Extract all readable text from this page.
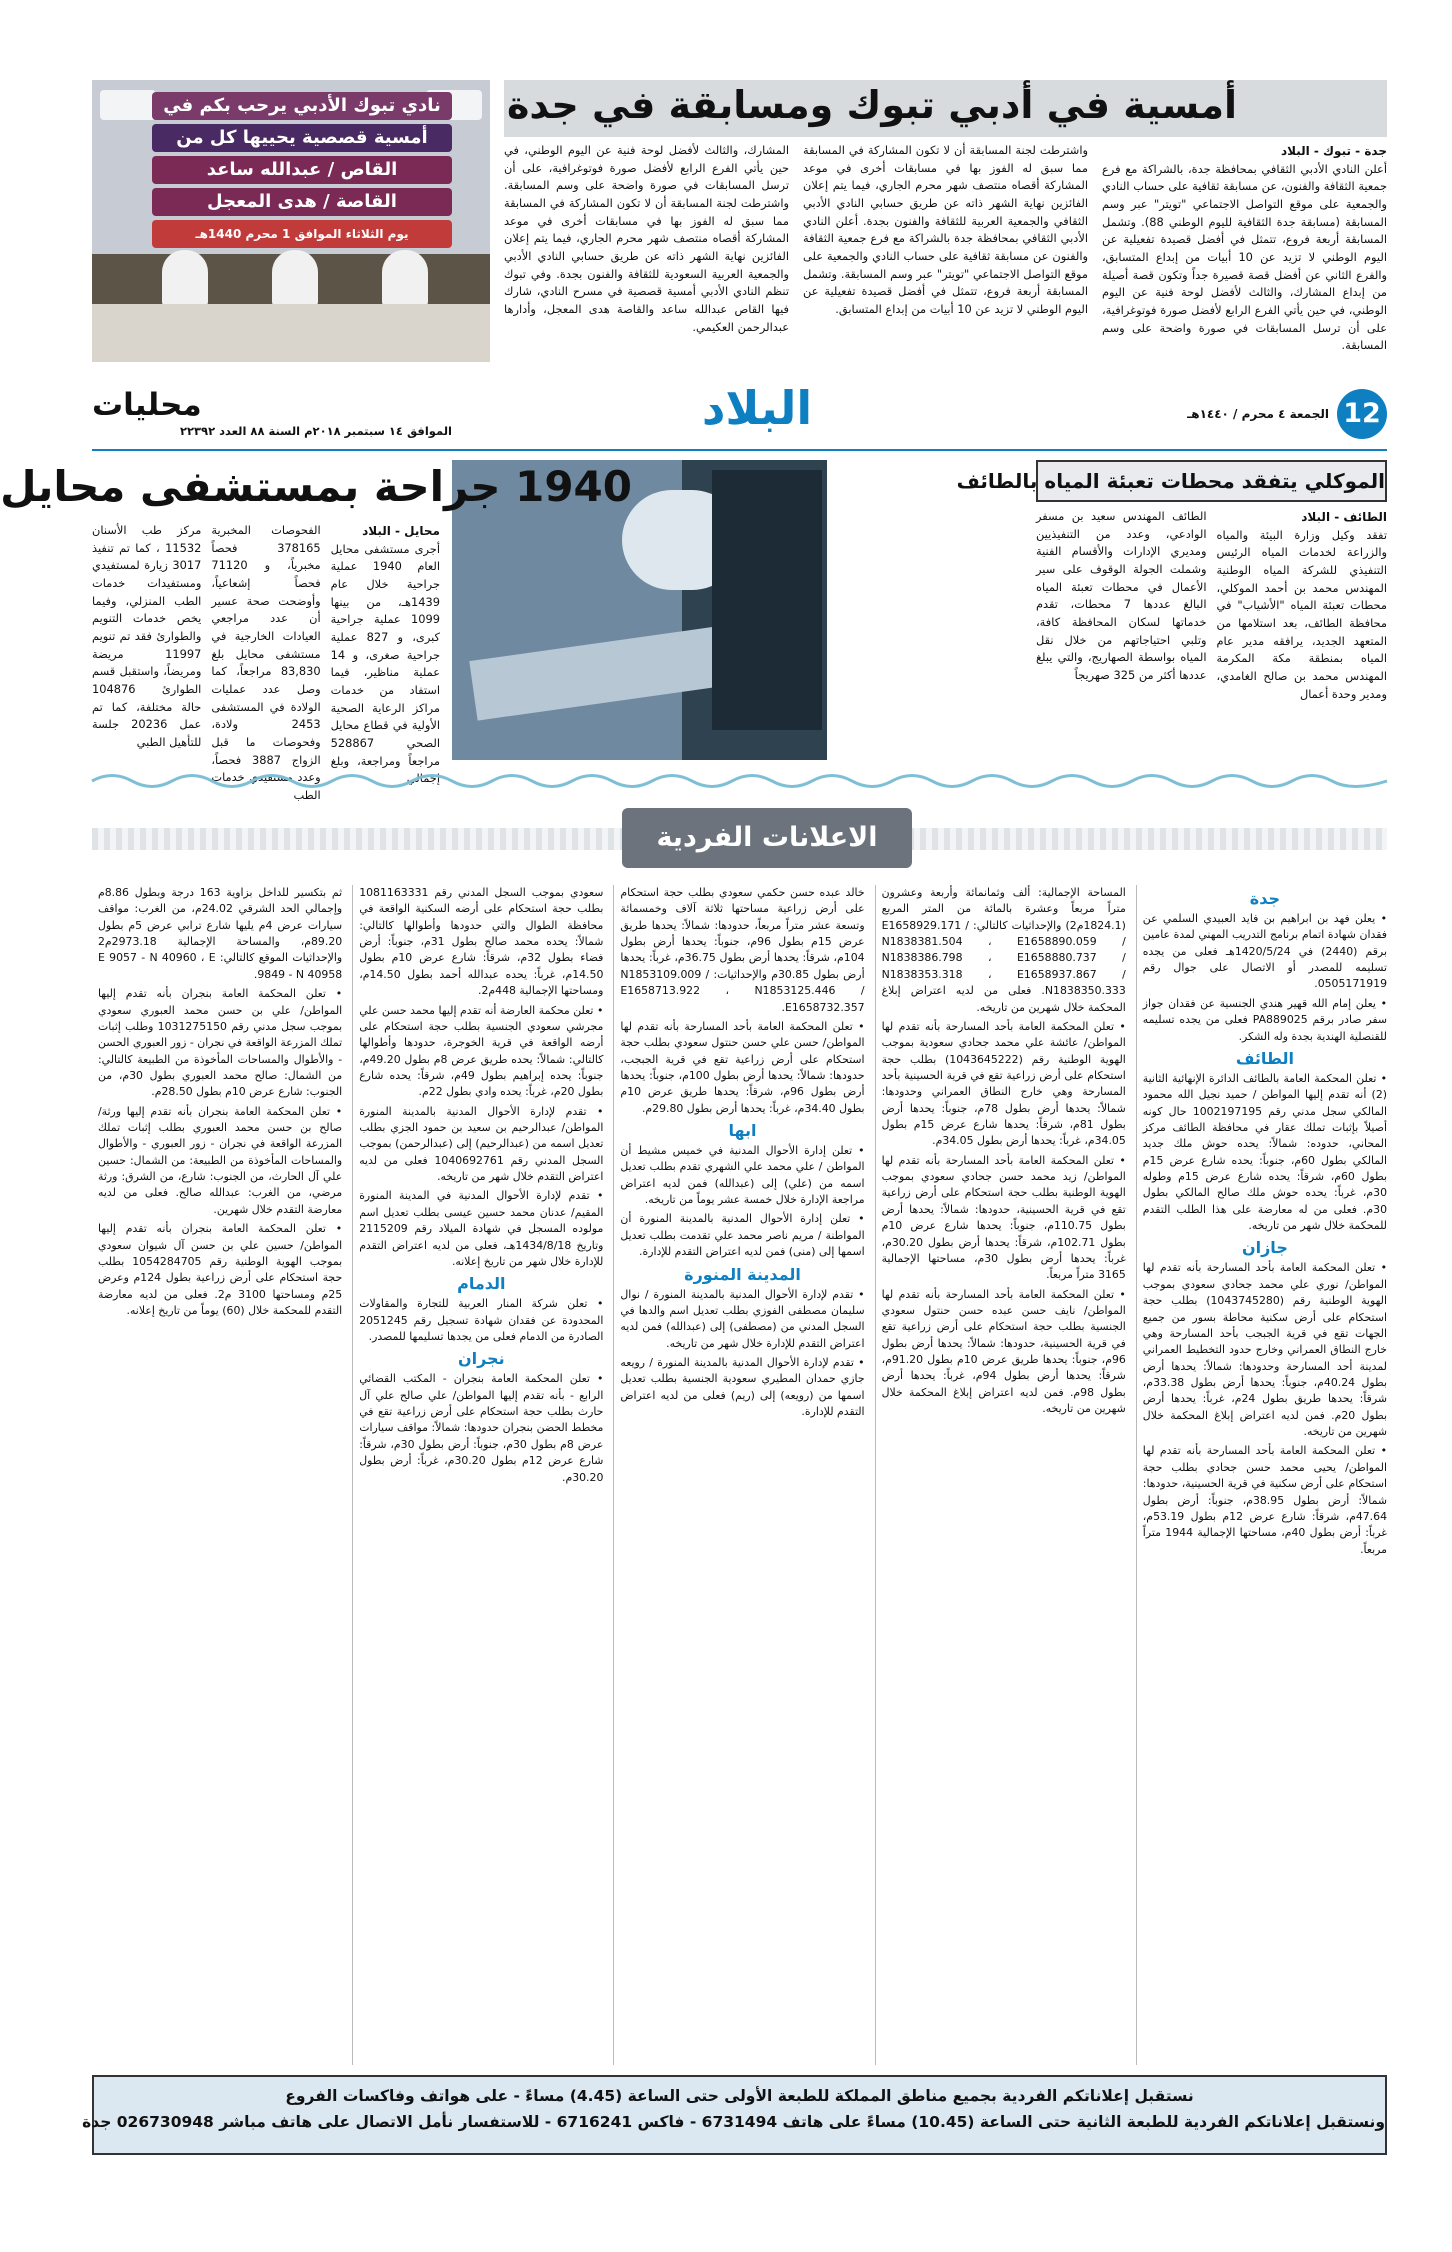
أمسية في أدبي تبوك ومسابقة في جدة

جدة - تبوك - البلاد

أعلن النادي الأدبي الثقافي بمحافظة جدة، بالشراكة مع فرع جمعية الثقافة والفنون، عن مسابقة ثقافية على حساب النادي والجمعية على موقع التواصل الاجتماعي "تويتر" عبر وسم المسابقة (مسابقة جدة الثقافية لليوم الوطني 88). وتشمل المسابقة أربعة فروع، تتمثل في أفضل قصيدة تفعيلية عن اليوم الوطني لا تزيد عن 10 أبيات من إبداع المتسابق، والفرع الثاني عن أفضل قصة قصيرة جداً وتكون قصة أصيلة من إبداع المشارك، والثالث لأفضل لوحة فنية عن اليوم الوطني، في حين يأتي الفرع الرابع لأفضل صورة فوتوغرافية، على أن ترسل المسابقات في صورة واضحة على وسم المسابقة.

واشترطت لجنة المسابقة أن لا تكون المشاركة في المسابقة مما سبق له الفوز بها في مسابقات أخرى في موعد المشاركة أقصاه منتصف شهر محرم الجاري، فيما يتم إعلان الفائزين نهاية الشهر ذاته عن طريق حسابي النادي الأدبي الثقافي والجمعية العربية للثقافة والفنون بجدة. أعلن النادي الأدبي الثقافي بمحافظة جدة بالشراكة مع فرع جمعية الثقافة والفنون عن مسابقة ثقافية على حساب النادي والجمعية على موقع التواصل الاجتماعي "تويتر" عبر وسم المسابقة. وتشمل المسابقة أربعة فروع، تتمثل في أفضل قصيدة تفعيلية عن اليوم الوطني لا تزيد عن 10 أبيات من إبداع المتسابق.

المشارك، والثالث لأفضل لوحة فنية عن اليوم الوطني، في حين يأتي الفرع الرابع لأفضل صورة فوتوغرافية، على أن ترسل المسابقات في صورة واضحة على وسم المسابقة. واشترطت لجنة المسابقة أن لا تكون المشاركة في المسابقة مما سبق له الفوز بها في مسابقات أخرى في موعد المشاركة أقصاه منتصف شهر محرم الجاري، فيما يتم إعلان الفائزين نهاية الشهر ذاته عن طريق حسابي النادي الأدبي والجمعية العربية السعودية للثقافة والفنون بجدة. وفي تبوك تنظم النادي الأدبي أمسية قصصية في مسرح النادي، شارك فيها القاص عبدالله ساعد والقاصة هدى المعجل، وأدارها عبدالرحمن العكيمي.

نادي تبوك الأدبي يرحب بكم في
أمسية قصصية يحييها كل من
القاص / عبدالله ساعد
القاصة / هدى المعجل
يوم الثلاثاء الموافق 1 محرم 1440هـ
12
الجمعة ٤ محرم / ١٤٤٠هـ
البلاد
محليات
الموافق ١٤ سبتمبر ٢٠١٨م السنة ٨٨ العدد ٢٢٣٩٢
الموكلي يتفقد محطات تعبئة المياه بالطائف

الطائف - البلاد

تفقد وكيل وزارة البيئة والمياه والزراعة لخدمات المياه الرئيس التنفيذي للشركة المياه الوطنية المهندس محمد بن أحمد الموكلي، محطات تعبئة المياه "الأشياب" في محافظة الطائف، بعد استلامها من المتعهد الجديد، يرافقه مدير عام المياه بمنطقة مكة المكرمة المهندس محمد بن صالح الغامدي، ومدير وحدة أعمال

الطائف المهندس سعيد بن مسفر الوادعي، وعدد من التنفيذيين ومديري الإدارات والأقسام الفنية وشملت الجولة الوقوف على سير الأعمال في محطات تعبئة المياه البالغ عددها 7 محطات، تقدم خدماتها لسكان المحافظة كافة، وتلبي احتياجاتهم من خلال نقل المياه بواسطة الصهاريج، والتي يبلغ عددها أكثر من 325 صهريجاً

محايل - البلاد

أجرى مستشفى محايل العام 1940 عملية جراحية خلال عام 1439هـ، من بينها 1099 عملية جراحية كبرى، و 827 عملية جراحية صغرى، و 14 عملية مناظير، فيما استفاد من خدمات مراكز الرعاية الصحية الأولية في قطاع محايل الصحي 528867 مراجعاً ومراجعة، وبلغ إجمالي

الفحوصات المخبرية 378165 فحصاً مخبرياً، و 71120 فحصاً إشعاعياً، وأوضحت صحة عسير أن عدد مراجعي العيادات الخارجية في مستشفى محايل بلغ 83,830 مراجعاً، كما وصل عدد عمليات الولادة في المستشفى 2453 ولادة، وفحوصات ما قبل الزواج 3887 فحصاً، وعدد مستفيدي خدمات الطب

مركز طب الأسنان 11532 ، كما تم تنفيذ 3017 زيارة لمستفيدي ومستفيدات خدمات الطب المنزلي، وفيما يخص خدمات التنويم والطوارئ فقد تم تنويم 11997 مريضة ومريضاً، واستقبل قسم الطوارئ 104876 حالة مختلفة، كما تم عمل 20236 جلسة للتأهيل الطبي

1940 جراحة بمستشفى محايل
الاعلانات الفردية
جدة
• يعلن فهد بن ابراهيم بن فايد العبيدي السلمي عن فقدان شهادة اتمام برنامج التدريب المهني لمدة عامين برقم (2440) في 1420/5/24هـ فعلى من يجده تسليمه للمصدر أو الاتصال على جوال رقم 0505171919.
• يعلن إمام الله قهير هندي الجنسية عن فقدان جواز سفر صادر برقم PA889025 فعلى من يجده تسليمه للقنصلية الهندية بجدة وله الشكر.
الطائف
• تعلن المحكمة العامة بالطائف الدائرة الإنهائية الثانية (2) أنه تقدم إليها المواطن / حميد نجيل الله محمود المالكي سجل مدني رقم 1002197195 حال كونه أصيلاً بإثبات تملك عقار في محافظة الطائف مركز المحاني، حدوده: شمالاً: يحده حوش ملك جديد المالكي بطول 60م، جنوباً: يحده شارع عرض 15م بطول 60م، شرقاً: يحده شارع عرض 15م وطوله 30م، غرباً: يحده حوش ملك صالح المالكي بطول 30م. فعلى من له معارضة على هذا الطلب التقدم للمحكمة خلال شهر من تاريخه.
جازان
• تعلن المحكمة العامة بأحد المسارحة بأنه تقدم لها المواطن/ نوري علي محمد جحادي سعودي بموجب الهوية الوطنية رقم (1043745280) بطلب حجة استحكام على أرض سكنية محاطة بسور من جميع الجهات تقع في قرية الجبجب بأحد المسارحة وهي خارج النطاق العمراني وخارج حدود التخطيط العمراني لمدينة أحد المسارحة وحدودها: شمالاً: يحدها أرض بطول 40.24م، جنوباً: يحدها أرض بطول 33.38م، شرقاً: يحدها طريق بطول 24م، غرباً: يحدها أرض بطول 20م. فمن لديه اعتراض إبلاغ المحكمة خلال شهرين من تاريخه.
• تعلن المحكمة العامة بأحد المسارحة بأنه تقدم لها المواطن/ يحيى محمد حسن جحادي بطلب حجة استحكام على أرض سكنية في قرية الحسينية، حدودها: شمالاً: أرض بطول 38.95م، جنوباً: أرض بطول 47.64م، شرقاً: شارع عرض 12م بطول 53.19م، غرباً: أرض بطول 40م، مساحتها الإجمالية 1944 متراً مربعاً.
المساحة الإجمالية: ألف وثمانمائة وأربعة وعشرون متراً مربعاً وعشرة بالمائة من المتر المربع (1824.1م2) والإحداثيات كالتالي: E1658929.171 / N1838381.504 ، E1658890.059 / N1838386.798 ، E1658880.737 / N1838353.318 ، E1658937.867 / N1838350.333. فعلى من لديه اعتراض إبلاغ المحكمة خلال شهرين من تاريخه.
• تعلن المحكمة العامة بأحد المسارحة بأنه تقدم لها المواطن/ عائشة علي محمد جحادي سعودية بموجب الهوية الوطنية رقم (1043645222) بطلب حجة استحكام على أرض زراعية تقع في قرية الحسينية بأحد المسارحة وهي خارج النطاق العمراني وحدودها: شمالاً: يحدها أرض بطول 78م، جنوباً: يحدها أرض بطول 81م، شرقاً: يحدها شارع عرض 15م بطول 34.05م، غرباً: يحدها أرض بطول 34.05م.
• تعلن المحكمة العامة بأحد المسارحة بأنه تقدم لها المواطن/ زيد محمد حسن جحادي سعودي بموجب الهوية الوطنية بطلب حجة استحكام على أرض زراعية تقع في قرية الحسينية، حدودها: شمالاً: يحدها أرض بطول 110.75م، جنوباً: يحدها شارع عرض 10م بطول 102.71م، شرقاً: يحدها أرض بطول 30.20م، غرباً: يحدها أرض بطول 30م، مساحتها الإجمالية 3165 متراً مربعاً.
• تعلن المحكمة العامة بأحد المسارحة بأنه تقدم لها المواطن/ نايف حسن عبده حسن حنتول سعودي الجنسية بطلب حجة استحكام على أرض زراعية تقع في قرية الحسينية، حدودها: شمالاً: يحدها أرض بطول 96م، جنوباً: يحدها طريق عرض 10م بطول 91.20م، شرقاً: يحدها أرض بطول 94م، غرباً: يحدها أرض بطول 98م. فمن لديه اعتراض إبلاغ المحكمة خلال شهرين من تاريخه.
خالد عبده حسن حكمي سعودي بطلب حجة استحكام على أرض زراعية مساحتها ثلاثة آلاف وخمسمائة وتسعة عشر متراً مربعاً، حدودها: شمالاً: يحدها طريق عرض 15م بطول 96م، جنوباً: يحدها أرض بطول 104م، شرقاً: يحدها أرض بطول 36.75م، غرباً: يحدها أرض بطول 30.85م والإحداثيات: N1853109.009 / E1658713.922 ، N1853125.446 / E1658732.357.
• تعلن المحكمة العامة بأحد المسارحة بأنه تقدم لها المواطن/ حسن علي حسن حنتول سعودي بطلب حجة استحكام على أرض زراعية تقع في قرية الجبجب، حدودها: شمالاً: يحدها أرض بطول 100م، جنوباً: يحدها أرض بطول 96م، شرقاً: يحدها طريق عرض 10م بطول 34.40م، غرباً: يحدها أرض بطول 29.80م.
ابها
• تعلن إدارة الأحوال المدنية في خميس مشيط أن المواطن / علي محمد علي الشهري تقدم بطلب تعديل اسمه من (علي) إلى (عبدالله) فمن لديه اعتراض مراجعة الإدارة خلال خمسة عشر يوماً من تاريخه.
• تعلن إدارة الأحوال المدنية بالمدينة المنورة أن المواطنة / مريم ناصر محمد علي تقدمت بطلب تعديل اسمها إلى (منى) فمن لديه اعتراض التقدم للإدارة.
المدينة المنورة
• تقدم لإدارة الأحوال المدنية بالمدينة المنورة / نوال سليمان مصطفى الفوزي بطلب تعديل اسم والدها في السجل المدني من (مصطفى) إلى (عبدالله) فمن لديه اعتراض التقدم للإدارة خلال شهر من تاريخه.
• تقدم لإدارة الأحوال المدنية بالمدينة المنورة / رويعه جازي حمدان المطيري سعودية الجنسية بطلب تعديل اسمها من (رويعه) إلى (ريم) فعلى من لديه اعتراض التقدم للإدارة.
سعودي بموجب السجل المدني رقم 1081163331 بطلب حجة استحكام على أرضه السكنية الواقعة في محافظة الطوال والتي حدودها وأطوالها كالتالي: شمالاً: يحده محمد صالح بطول 31م، جنوباً: أرض فضاء بطول 32م، شرقاً: شارع عرض 10م بطول 14.50م، غرباً: يحده عبدالله أحمد بطول 14.50م، ومساحتها الإجمالية 448م2.
• تعلن محكمة العارضة أنه تقدم إليها محمد حسن علي مجرشي سعودي الجنسية بطلب حجة استحكام على أرضه الواقعة في قرية الخوجرة، حدودها وأطوالها كالتالي: شمالاً: يحده طريق عرض 8م بطول 49.20م، جنوباً: يحده إبراهيم بطول 49م، شرقاً: يحده شارع بطول 20م، غرباً: يحده وادي بطول 22م.
• تقدم لإدارة الأحوال المدنية بالمدينة المنورة المواطن/ عبدالرحيم بن سعيد بن حمود الجزي بطلب تعديل اسمه من (عبدالرحيم) إلى (عبدالرحمن) بموجب السجل المدني رقم 1040692761 فعلى من لديه اعتراض التقدم خلال شهر من تاريخه.
• تقدم لإدارة الأحوال المدنية في المدينة المنورة المقيم/ عدنان محمد حسين عيسى بطلب تعديل اسم مولوده المسجل في شهادة الميلاد رقم 2115209 وتاريخ 1434/8/18هـ، فعلى من لديه اعتراض التقدم للإدارة خلال شهر من تاريخ إعلانه.
الدمام
• تعلن شركة المنار العربية للتجارة والمقاولات المحدودة عن فقدان شهادة تسجيل رقم 2051245 الصادرة من الدمام فعلى من يجدها تسليمها للمصدر.
نجران
• تعلن المحكمة العامة بنجران - المكتب القضائي الرابع - بأنه تقدم إليها المواطن/ علي صالح علي آل حارث بطلب حجة استحكام على أرض زراعية تقع في مخطط الحضن بنجران حدودها: شمالاً: مواقف سيارات عرض 8م بطول 30م، جنوباً: أرض بطول 30م، شرقاً: شارع عرض 12م بطول 30.20م، غرباً: أرض بطول 30.20م.
ثم بتكسير للداخل بزاوية 163 درجة وبطول 8.86م وإجمالي الحد الشرقي 24.02م، من الغرب: مواقف سيارات عرض 4م يليها شارع ترابي عرض 5م بطول 89.20م، والمساحة الإجمالية 2973.18م2 والإحداثيات الموقع كالتالي: E 9057 - N 40960 ، E 9849 - N 40958.
• تعلن المحكمة العامة بنجران بأنه تقدم إليها المواطن/ علي بن حسن محمد العبوري سعودي بموجب سجل مدني رقم 1031275150 وطلب إثبات تملك المزرعة الواقعة في نجران - زور العبوري الحسن - والأطوال والمساحات المأخوذة من الطبيعة كالتالي: من الشمال: صالح محمد العبوري بطول 30م، من الجنوب: شارع عرض 10م بطول 28.50م.
• تعلن المحكمة العامة بنجران بأنه تقدم إليها ورثة/ صالح بن حسن محمد العبوري بطلب إثبات تملك المزرعة الواقعة في نجران - زور العبوري - والأطوال والمساحات المأخوذة من الطبيعة: من الشمال: حسين علي آل الحارث، من الجنوب: شارع، من الشرق: ورثة مرضي، من الغرب: عبدالله صالح. فعلى من لديه معارضة التقدم خلال شهرين.
• تعلن المحكمة العامة بنجران بأنه تقدم إليها المواطن/ حسين علي بن حسن آل شيوان سعودي بموجب الهوية الوطنية رقم 1054284705 بطلب حجة استحكام على أرض زراعية بطول 124م وعرض 25م ومساحتها 3100 م2. فعلى من لديه معارضة التقدم للمحكمة خلال (60) يوماً من تاريخ إعلانه.
نستقبل إعلاناتكم الفردية بجميع مناطق المملكة للطبعة الأولى حتى الساعة (4.45) مساءً - على هواتف وفاكسات الفروع
ونستقبل إعلاناتكم الفردية للطبعة الثانية حتى الساعة (10.45) مساءً على هاتف 6731494 - فاكس 6716241 - للاستفسار نأمل الاتصال على هاتف مباشر 026730948 جدة
